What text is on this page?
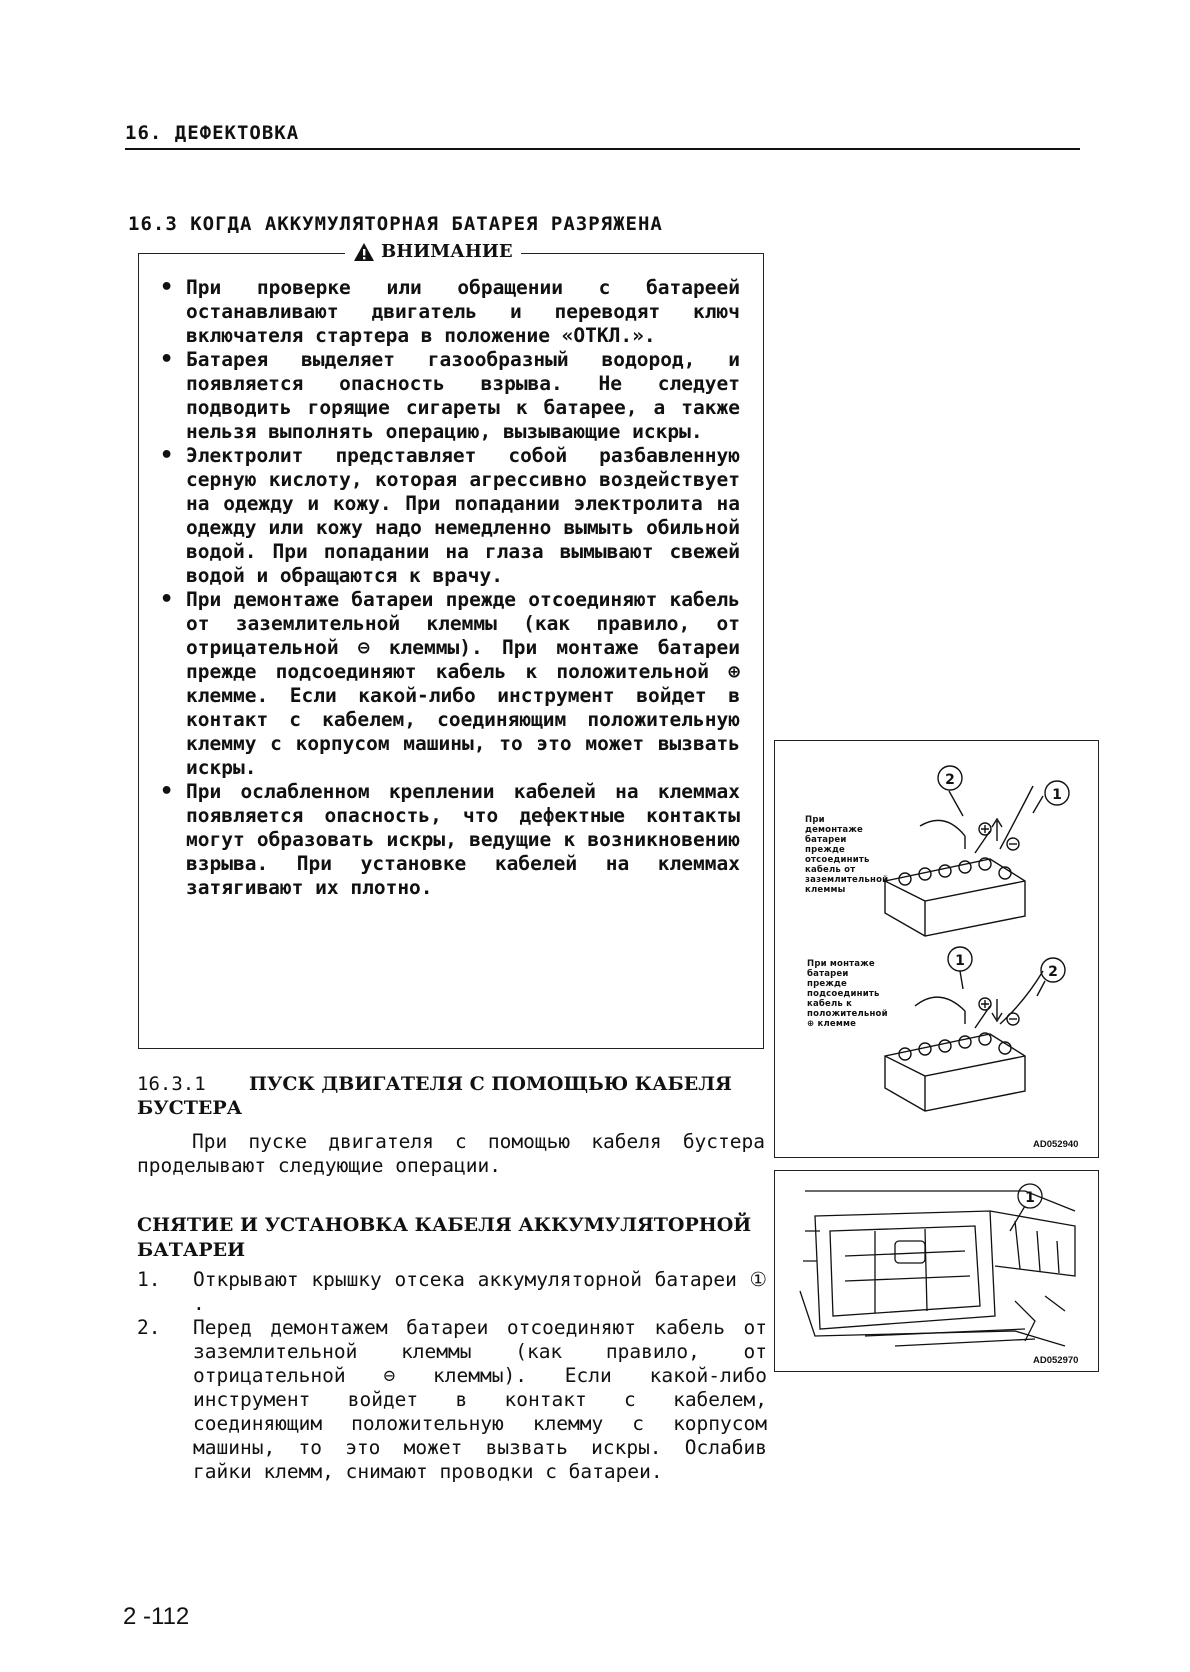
16. ДЕФЕКТОВКА
16.3 КОГДА АККУМУЛЯТОРНАЯ БАТАРЕЯ РАЗРЯЖЕНА
ВНИМАНИЕ
• При проверке или обращении с батареей останавливают двигатель и переводят ключ включателя стартера в положение «ОТКЛ.».
• Батарея выделяет газообразный водород, и появляется опасность взрыва. Не следует подводить горящие сигареты к батарее, а также нельзя выполнять операцию, вызывающие искры.
• Электролит представляет собой разбавленную серную кислоту, которая агрессивно воздействует на одежду и кожу. При попадании электролита на одежду или кожу надо немедленно вымыть обильной водой. При попадании на глаза вымывают свежей водой и обращаются к врачу.
• При демонтаже батареи прежде отсоединяют кабель от заземлительной клеммы (как правило, от отрицательной ⊖ клеммы). При монтаже батареи прежде подсоединяют кабель к положительной ⊕ клемме. Если какой-либо инструмент войдет в контакт с кабелем, соединяющим положительную клемму с корпусом машины, то это может вызвать искры.
• При ослабленном креплении кабелей на клеммах появляется опасность, что дефектные контакты могут образовать искры, ведущие к возникновению взрыва. При установке кабелей на клеммах затягивают их плотно.
16.3.1 ПУСК ДВИГАТЕЛЯ С ПОМОЩЬЮ КАБЕЛЯ БУСТЕРА
При пуске двигателя с помощью кабеля бустера проделывают следующие операции.
СНЯТИЕ И УСТАНОВКА КАБЕЛЯ АККУМУЛЯТОРНОЙ БАТАРЕИ
1. Открывают крышку отсека аккумуляторной батареи ① .
2. Перед демонтажем батареи отсоединяют кабель от заземлительной клеммы (как правило, от отрицательной ⊖ клеммы). Если какой-либо инструмент войдет в контакт с кабелем, соединяющим положительную клемму с корпусом машины, то это может вызвать искры. Ослабив гайки клемм, снимают проводки с батареи.
2
1
1
2
При демонтаже батареи прежде отсоединить кабель от заземлительной клеммы
При монтаже батареи прежде подсоединить кабель к положительной ⊕ клемме
AD052940
1
AD052970
2 -112
